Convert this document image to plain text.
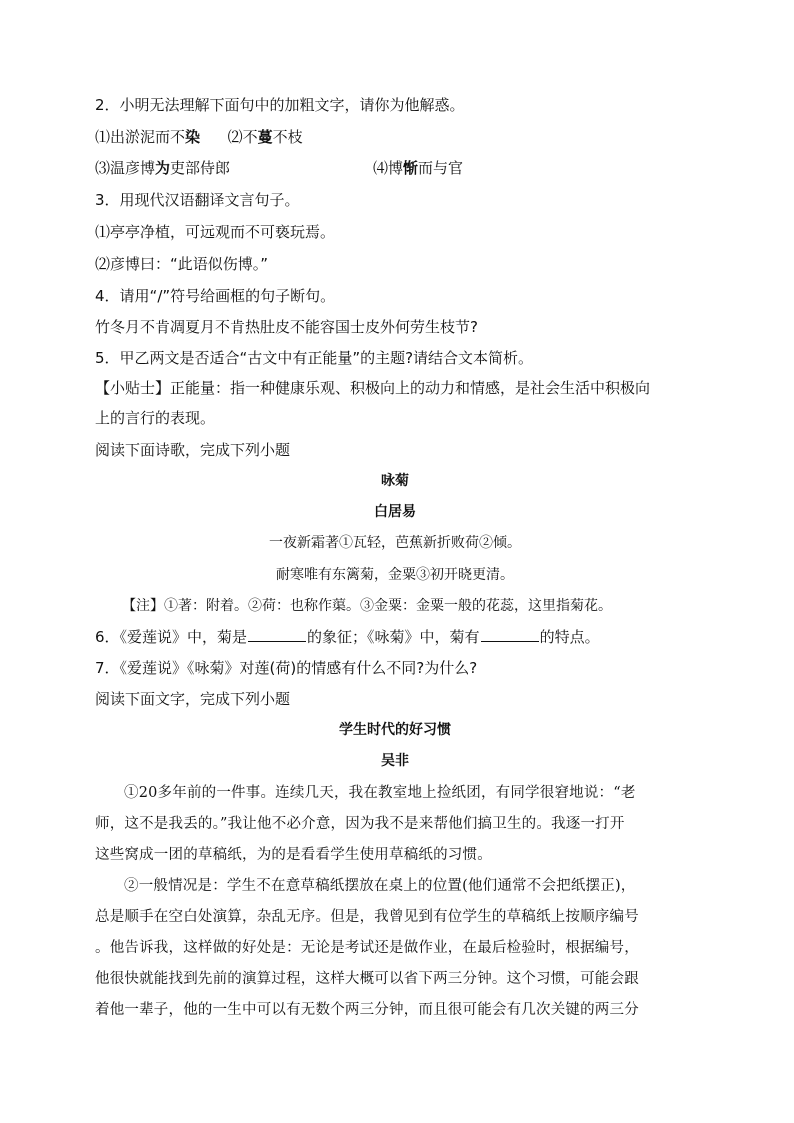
2．小明无法理解下面句中的加粗文字，请你为他解惑。
⑴出淤泥而不染 ⑵不蔓不枝
⑶温彦博为吏部侍郎	⑷博惭而与官
3．用现代汉语翻译文言句子。
⑴亭亭净植，可远观而不可亵玩焉。
⑵彦博曰：“此语似伤博。”
4．请用“/”符号给画框的句子断句。
竹冬月不肯凋夏月不肯热肚皮不能容国士皮外何劳生枝节?
5．甲乙两文是否适合“古文中有正能量”的主题?请结合文本简析。
【小贴士】正能量：指一种健康乐观、积极向上的动力和情感，是社会生活中积极向
上的言行的表现。
阅读下面诗歌，完成下列小题
咏菊
白居易
一夜新霜著①瓦轻，芭蕉新折败荷②倾。
耐寒唯有东篱菊，金粟③初开晓更清。
【注】①著：附着。②荷：也称作蕖。③金粟：金粟一般的花蕊，这里指菊花。
6．《爱莲说》中，菊是	的象征；《咏菊》中，菊有	的特点。
7．《爱莲说》《咏菊》对莲(荷)的情感有什么不同?为什么?
阅读下面文字，完成下列小题
学生时代的好习惯
吴非
①20多年前的一件事。连续几天，我在教室地上捡纸团，有同学很窘地说：“老
师，这不是我丢的。”我让他不必介意，因为我不是来帮他们搞卫生的。我逐一打开
这些窝成一团的草稿纸，为的是看看学生使用草稿纸的习惯。
②一般情况是：学生不在意草稿纸摆放在桌上的位置(他们通常不会把纸摆正)，
总是顺手在空白处演算，杂乱无序。但是，我曾见到有位学生的草稿纸上按顺序编号
。他告诉我，这样做的好处是：无论是考试还是做作业，在最后检验时，根据编号，
他很快就能找到先前的演算过程，这样大概可以省下两三分钟。这个习惯，可能会跟
着他一辈子，他的一生中可以有无数个两三分钟，而且很可能会有几次关键的两三分
